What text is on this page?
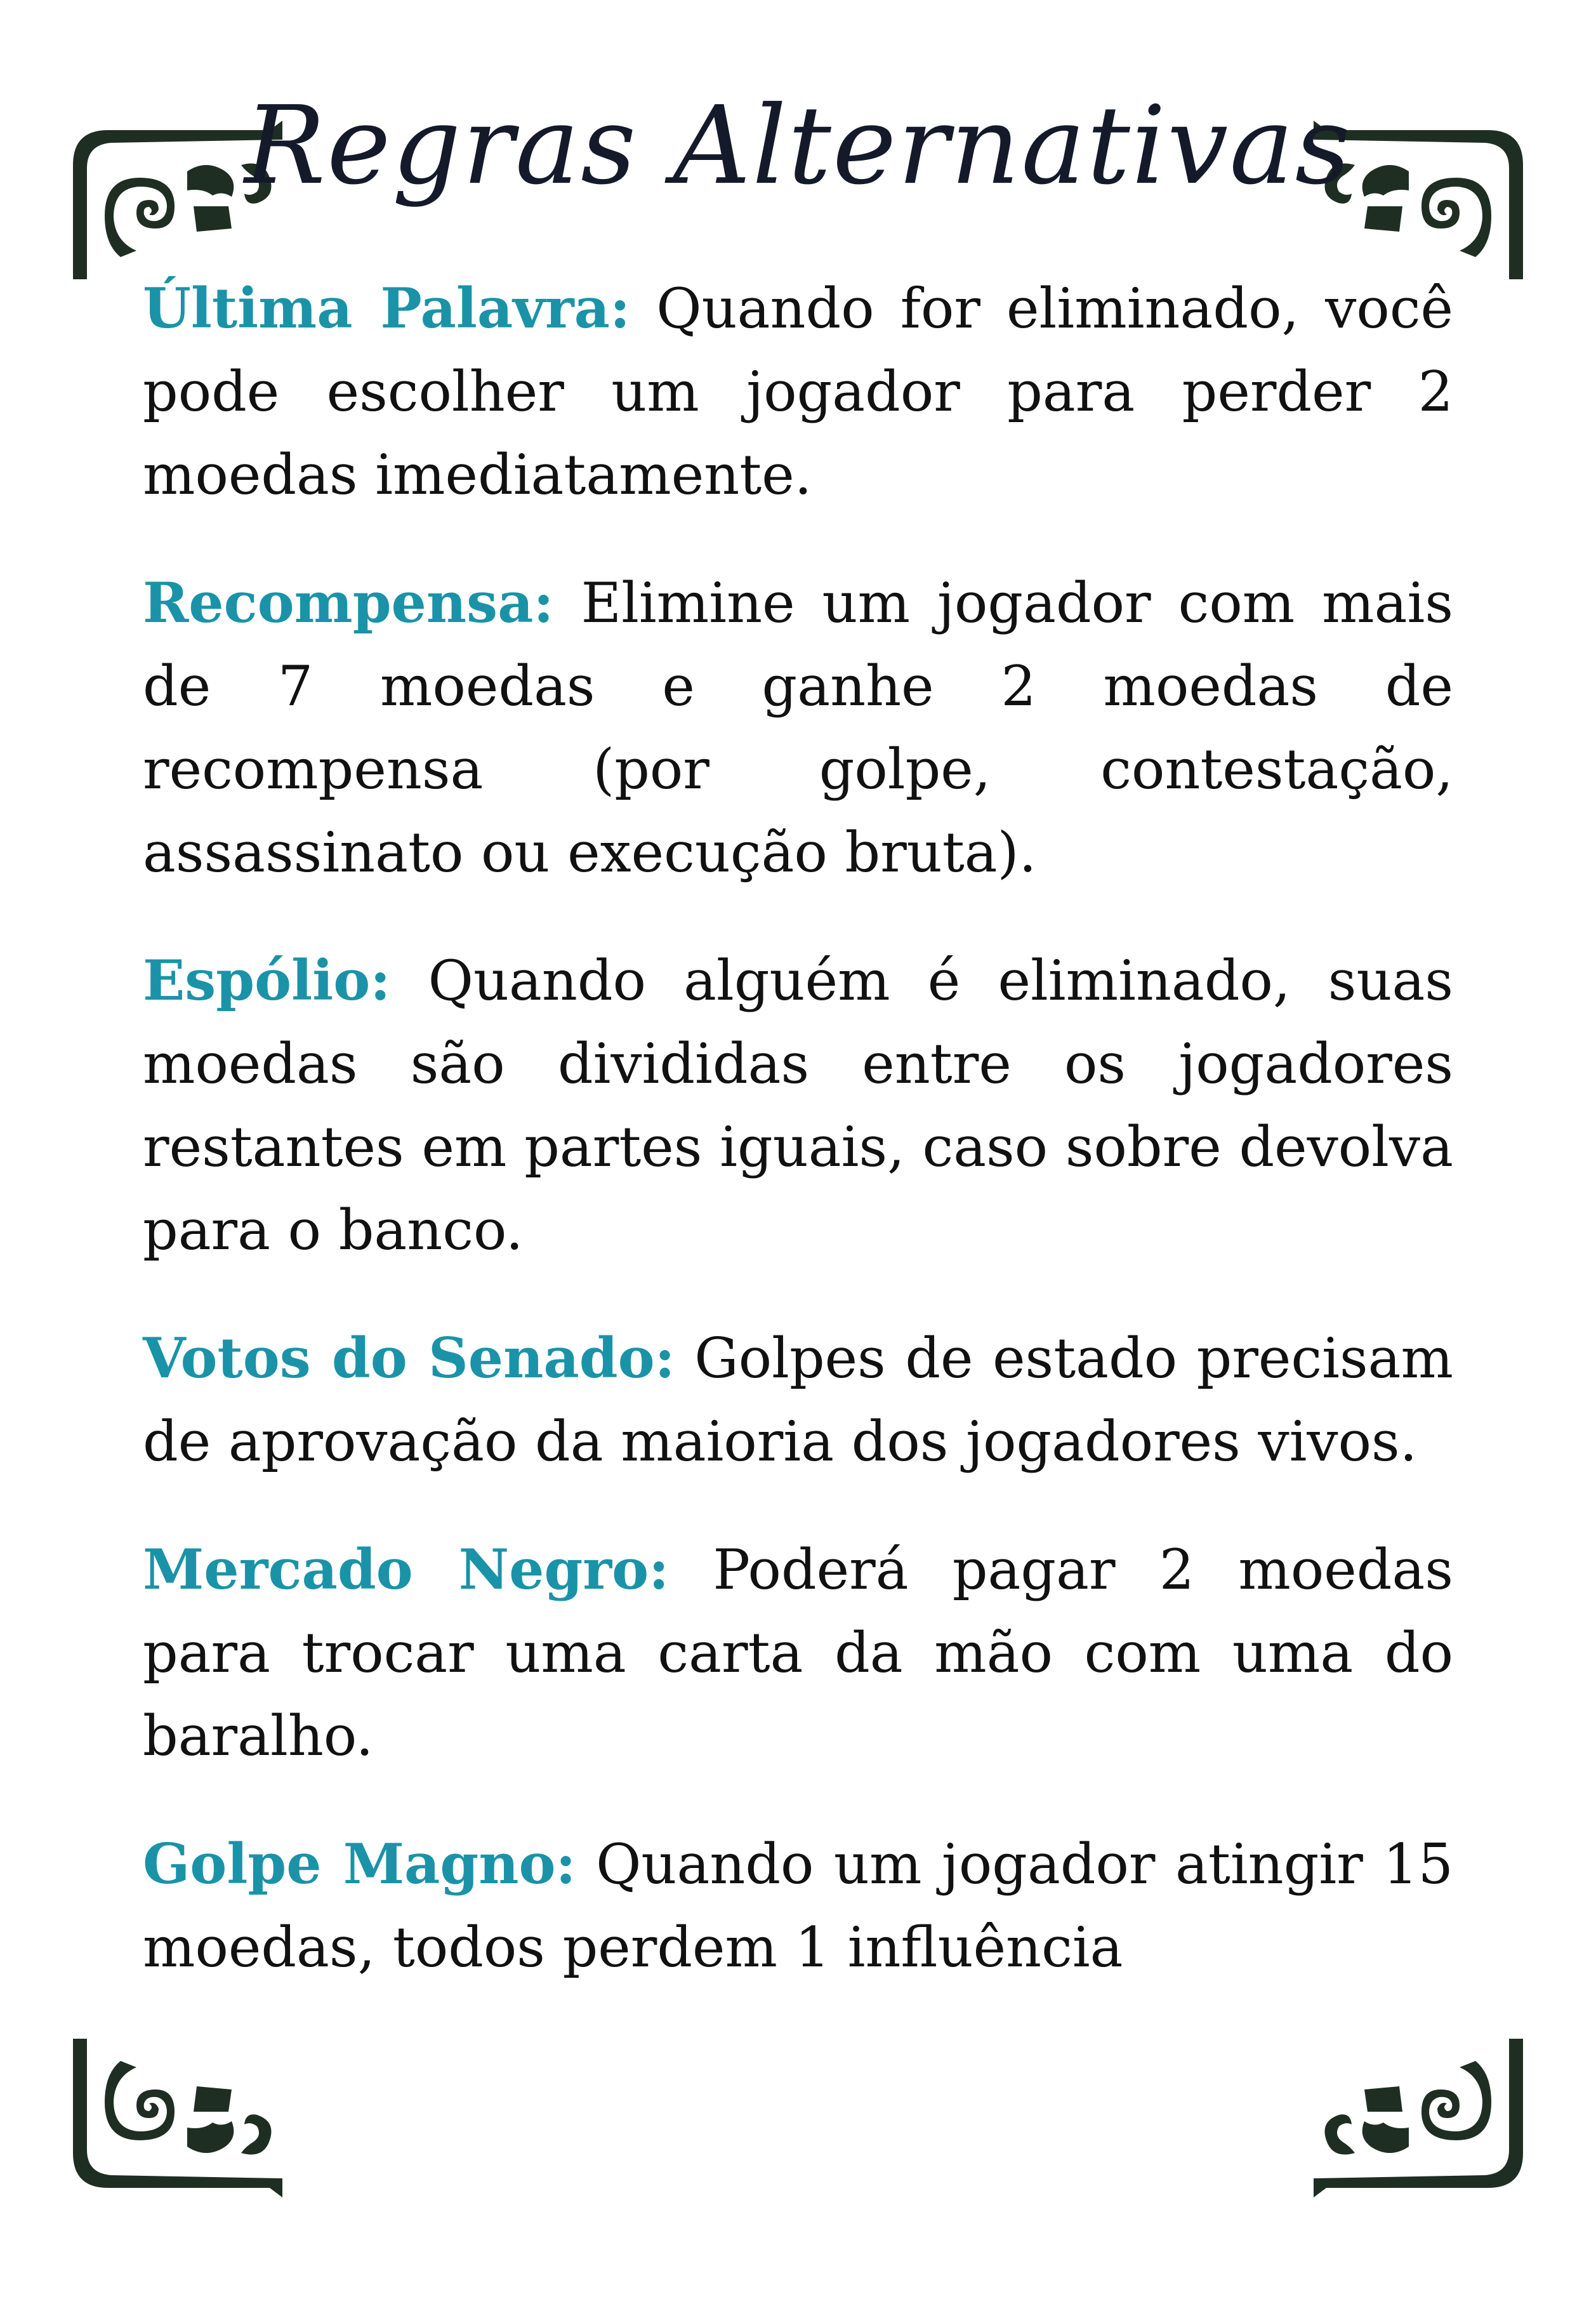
Regras Alternativas

Última Palavra: Quando for eliminado, você pode escolher um jogador para perder 2 moedas imediatamente.

Recompensa: Elimine um jogador com mais de 7 moedas e ganhe 2 moedas de recompensa (por golpe, contestação, assassinato ou execução bruta).

Espólio: Quando alguém é eliminado, suas moedas são divididas entre os jogadores restantes em partes iguais, caso sobre devolva para o banco.

Votos do Senado: Golpes de estado precisam de aprovação da maioria dos jogadores vivos.

Mercado Negro: Poderá pagar 2 moedas para trocar uma carta da mão com uma do baralho.

Golpe Magno: Quando um jogador atingir 15 moedas, todos perdem 1 influência
